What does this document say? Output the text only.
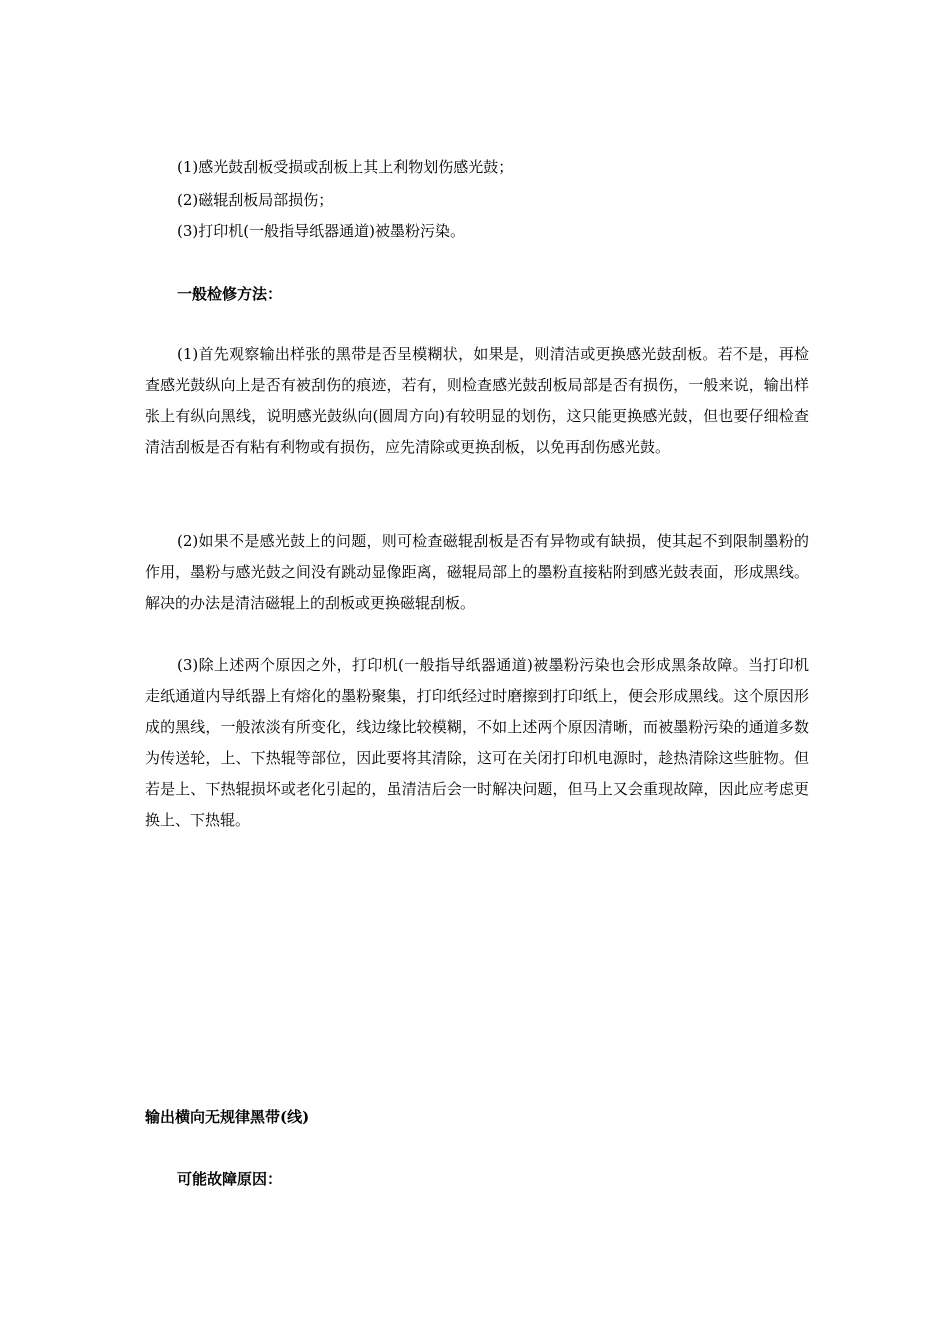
(1)感光鼓刮板受损或刮板上其上利物划伤感光鼓；
(2)磁辊刮板局部损伤；
(3)打印机(一般指导纸器通道)被墨粉污染。
一般检修方法：

(1)首先观察输出样张的黑带是否呈模糊状，如果是，则清洁或更换感光鼓刮板。若不是，再检查感光鼓纵向上是否有被刮伤的痕迹，若有，则检查感光鼓刮板局部是否有损伤，一般来说，输出样张上有纵向黑线，说明感光鼓纵向(圆周方向)有较明显的划伤，这只能更换感光鼓，但也要仔细检查清洁刮板是否有粘有利物或有损伤，应先清除或更换刮板，以免再刮伤感光鼓。

(2)如果不是感光鼓上的问题，则可检查磁辊刮板是否有异物或有缺损，使其起不到限制墨粉的作用，墨粉与感光鼓之间没有跳动显像距离，磁辊局部上的墨粉直接粘附到感光鼓表面，形成黑线。解决的办法是清洁磁辊上的刮板或更换磁辊刮板。

(3)除上述两个原因之外，打印机(一般指导纸器通道)被墨粉污染也会形成黑条故障。当打印机走纸通道内导纸器上有熔化的墨粉聚集，打印纸经过时磨擦到打印纸上，便会形成黑线。这个原因形成的黑线，一般浓淡有所变化，线边缘比较模糊，不如上述两个原因清晰，而被墨粉污染的通道多数为传送轮，上、下热辊等部位，因此要将其清除，这可在关闭打印机电源时，趁热清除这些脏物。但若是上、下热辊损坏或老化引起的，虽清洁后会一时解决问题，但马上又会重现故障，因此应考虑更换上、下热辊。

输出横向无规律黑带(线)
可能故障原因：
